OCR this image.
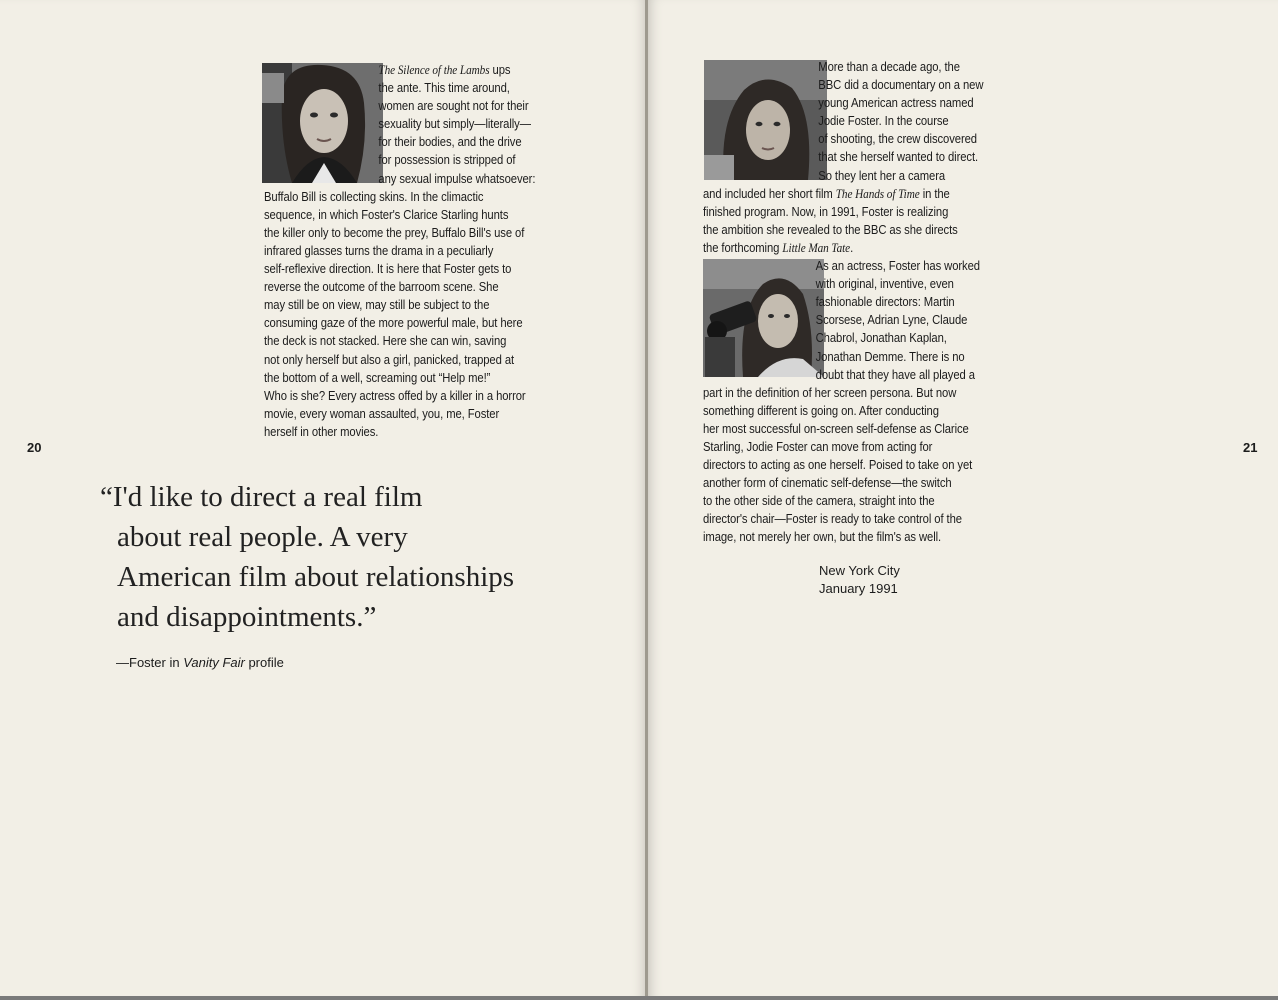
20	21

The Silence of the Lambs ups

the ante. This time around,

women are sought not for their

sexuality but simply—literally—

for their bodies, and the drive

for possession is stripped of

any sexual impulse whatsoever:

Buffalo Bill is collecting skins. In the climactic

sequence, in which Foster's Clarice Starling hunts

the killer only to become the prey, Buffalo Bill's use of

infrared glasses turns the drama in a peculiarly

self-reflexive direction. It is here that Foster gets to

reverse the outcome of the barroom scene. She

may still be on view, may still be subject to the

consuming gaze of the more powerful male, but here

the deck is not stacked. Here she can win, saving

not only herself but also a girl, panicked, trapped at

the bottom of a well, screaming out “Help me!”

Who is she? Every actress offed by a killer in a horror

movie, every woman assaulted, you, me, Foster

herself in other movies.

“I'd like to direct a real film

about real people. A very

American film about relationships

and disappointments.”

—Foster in Vanity Fair profile

More than a decade ago, the

BBC did a documentary on a new

young American actress named

Jodie Foster. In the course

of shooting, the crew discovered

that she herself wanted to direct.

So they lent her a camera

and included her short film The Hands of Time in the

finished program. Now, in 1991, Foster is realizing

the ambition she revealed to the BBC as she directs

the forthcoming Little Man Tate.

As an actress, Foster has worked

with original, inventive, even

fashionable directors: Martin

Scorsese, Adrian Lyne, Claude

Chabrol, Jonathan Kaplan,

Jonathan Demme. There is no

doubt that they have all played a

part in the definition of her screen persona. But now

something different is going on. After conducting

her most successful on-screen self-defense as Clarice

Starling, Jodie Foster can move from acting for

directors to acting as one herself. Poised to take on yet

another form of cinematic self-defense—the switch

to the other side of the camera, straight into the

director's chair—Foster is ready to take control of the

image, not merely her own, but the film's as well.

New York City
January 1991
